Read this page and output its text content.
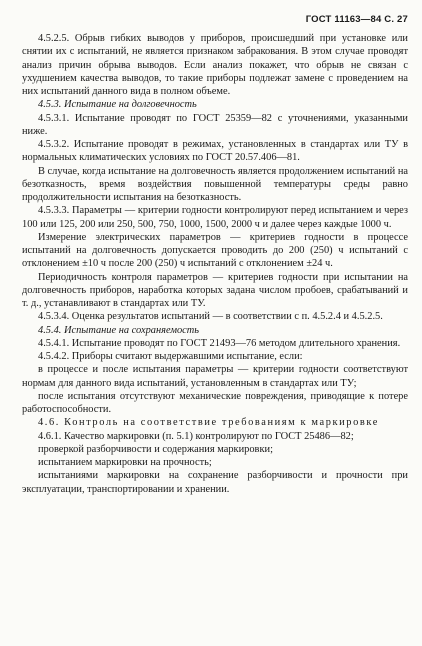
ГОСТ 11163—84 С. 27

4.5.2.5. Обрыв гибких выводов у приборов, происшедший при установке или снятии их с испытаний, не является признаком забракования. В этом случае проводят анализ причин обрыва выводов. Если анализ покажет, что обрыв не связан с ухудшением качества выводов, то такие приборы подлежат замене с проведением на них испытаний данного вида в полном объеме.

4.5.3. Испытание на долговечность

4.5.3.1. Испытание проводят по ГОСТ 25359—82 с уточнениями, указанными ниже.

4.5.3.2. Испытание проводят в режимах, установленных в стандартах или ТУ в нормальных климатических условиях по ГОСТ 20.57.406—81.

В случае, когда испытание на долговечность является продолжением испытаний на безотказность, время воздействия повышенной температуры среды равно продолжительности испытания на безотказность.

4.5.3.3. Параметры — критерии годности контролируют перед испытанием и через 100 или 125, 200 или 250, 500, 750, 1000, 1500, 2000 ч и далее через каждые 1000 ч.

Измерение электрических параметров — критериев годности в процессе испытаний на долговечность допускается проводить до 200 (250) ч испытаний с отклонением ±10 ч после 200 (250) ч испытаний с отклонением ±24 ч.

Периодичность контроля параметров — критериев годности при испытании на долговечность приборов, наработка которых задана числом пробоев, срабатываний и т. д., устанавливают в стандартах или ТУ.

4.5.3.4. Оценка результатов испытаний — в соответствии с п. 4.5.2.4 и 4.5.2.5.

4.5.4. Испытание на сохраняемость

4.5.4.1. Испытание проводят по ГОСТ 21493—76 методом длительного хранения.

4.5.4.2. Приборы считают выдержавшими испытание, если:

в процессе и после испытания параметры — критерии годности соответствуют нормам для данного вида испытаний, установленным в стандартах или ТУ;

после испытания отсутствуют механические повреждения, приводящие к потере работоспособности.

4.6. Контроль на соответствие требованиям к маркировке

4.6.1. Качество маркировки (п. 5.1) контролируют по ГОСТ 25486—82;

проверкой разборчивости и содержания маркировки;

испытанием маркировки на прочность;

испытаниями маркировки на сохранение разборчивости и прочности при эксплуатации, транспортировании и хранении.
